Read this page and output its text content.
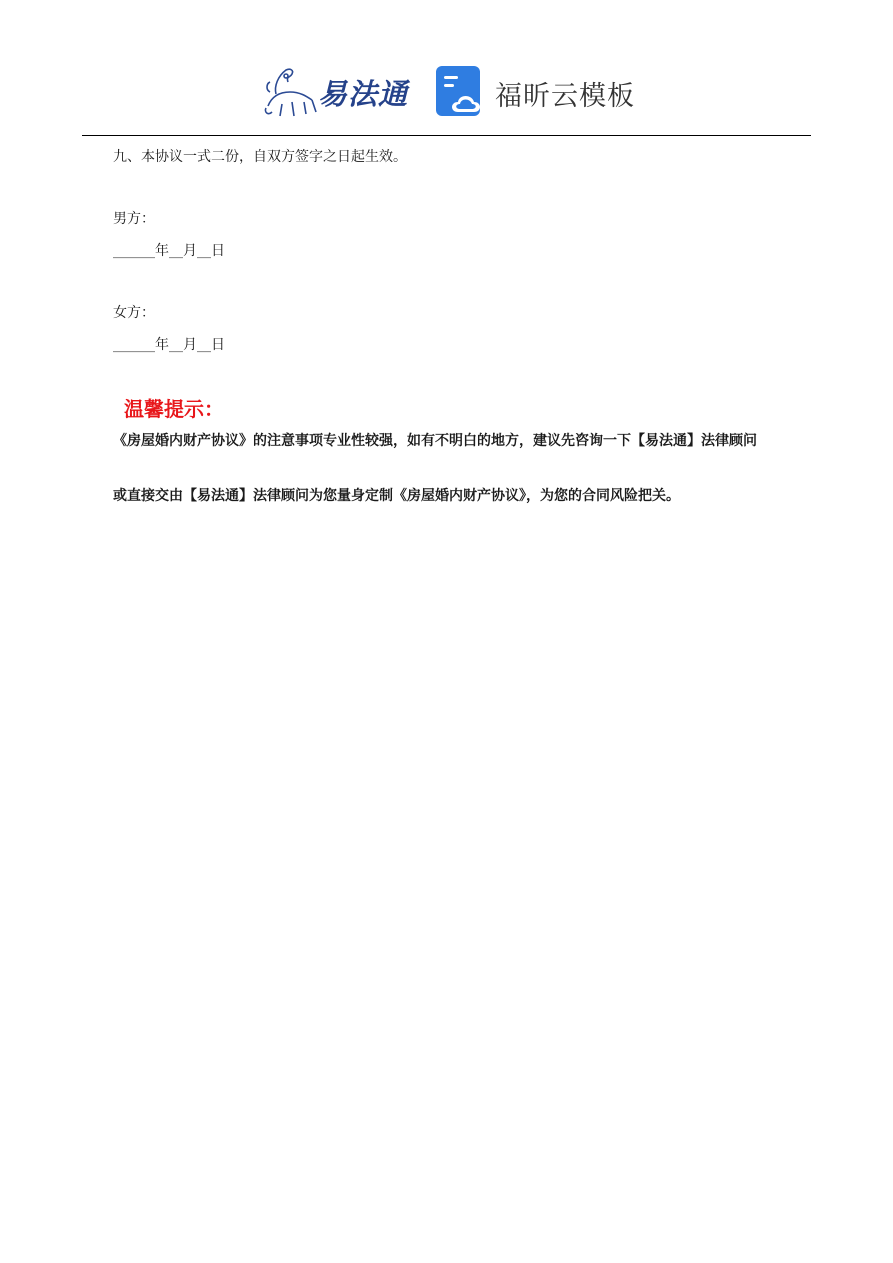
易法通	福昕云模板
九、本协议一式二份，自双方签字之日起生效。
男方：
______年__月__日
女方：
______年__月__日
温馨提示：
《房屋婚内财产协议》的注意事项专业性较强，如有不明白的地方，建议先咨询一下【易法通】法律顾问
或直接交由【易法通】法律顾问为您量身定制《房屋婚内财产协议》，为您的合同风险把关。
